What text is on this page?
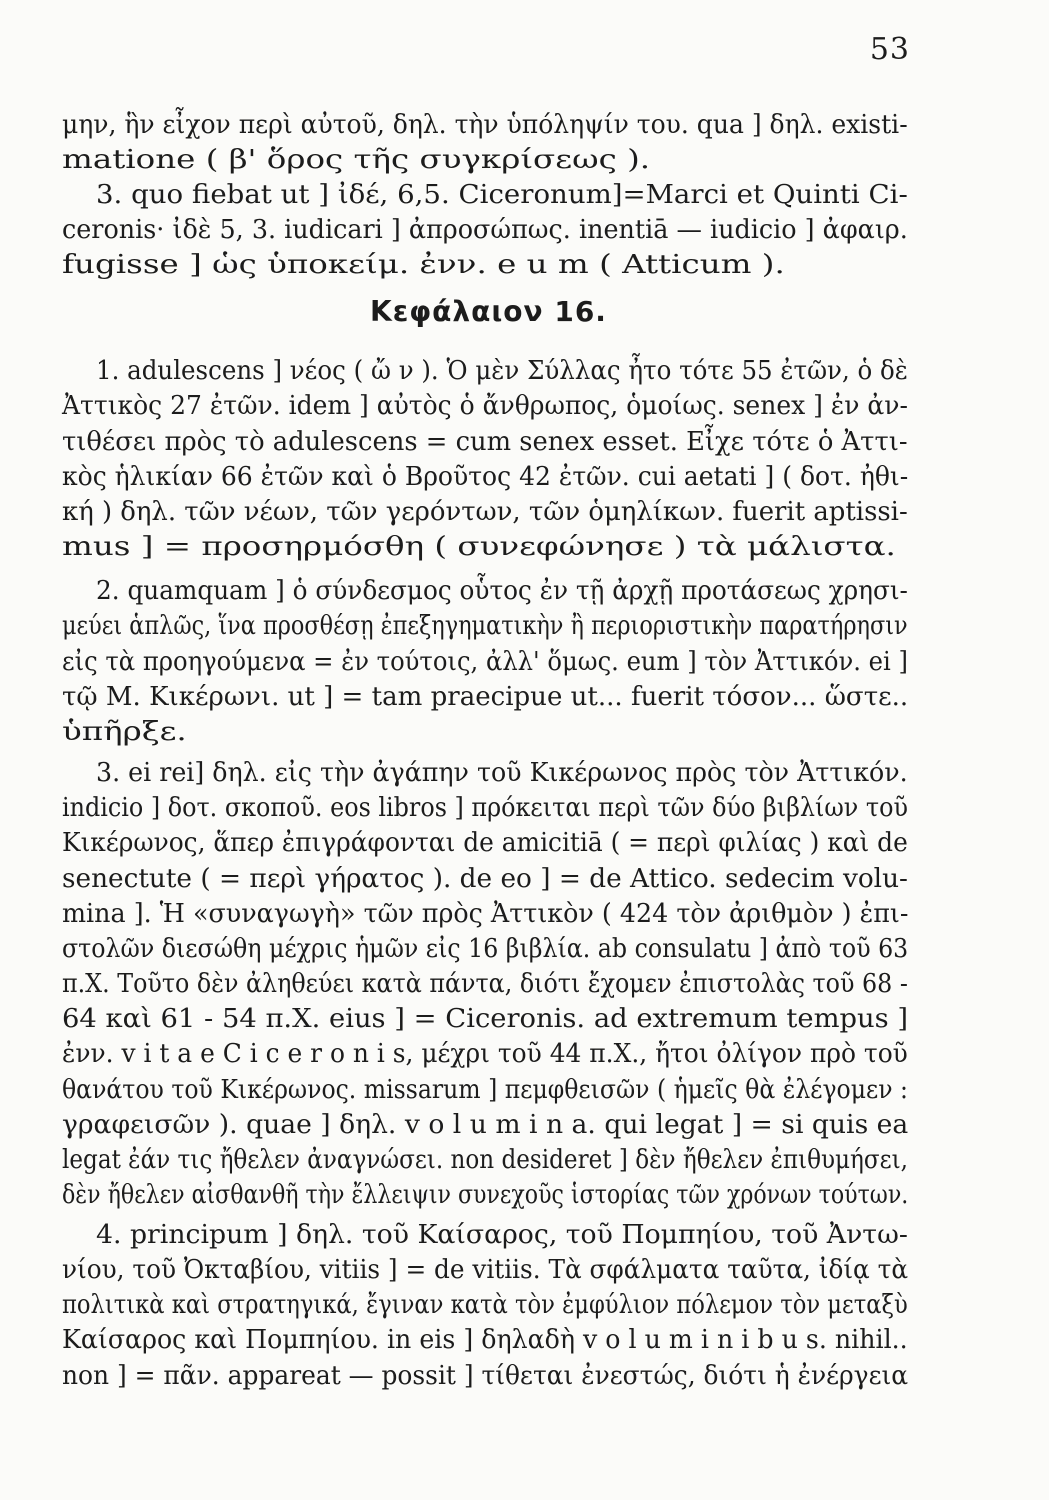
53
μην, ἣν εἶχον περὶ αὐτοῦ, δηλ. τὴν ὑπόληψίν του. qua ] δηλ. existi-
matione ( β' ὅρος τῆς συγκρίσεως ).
3. quo fiebat ut ] ἰδέ, 6,5. Ciceronum]=Marci et Quinti Ci-
ceronis· ἰδὲ 5, 3. iudicari ] ἀπροσώπως. inentiā — iudicio ] ἀφαιρ.
fugisse ] ὡς ὑποκείμ. ἐνν. e u m ( Atticum ).
Κεφάλαιον 16.
1. adulescens ] νέος ( ὤ ν ). Ὁ μὲν Σύλλας ἦτο τότε 55 ἐτῶν, ὁ δὲ
Ἀττικὸς 27 ἐτῶν. idem ] αὐτὸς ὁ ἄνθρωπος, ὁμοίως. senex ] ἐν ἀν-
τιθέσει πρὸς τὸ adulescens = cum senex esset. Εἶχε τότε ὁ Ἀττι-
κὸς ἡλικίαν 66 ἐτῶν καὶ ὁ Βροῦτος 42 ἐτῶν. cui aetati ] ( δοτ. ἠθι-
κή ) δηλ. τῶν νέων, τῶν γερόντων, τῶν ὁμηλίκων. fuerit aptissi-
mus ] = προσηρμόσθη ( συνεφώνησε ) τὰ μάλιστα.
2. quamquam ] ὁ σύνδεσμος οὗτος ἐν τῇ ἀρχῇ προτάσεως χρησι-
μεύει ἁπλῶς, ἵνα προσθέσῃ ἐπεξηγηματικὴν ἢ περιοριστικὴν παρατήρησιν
εἰς τὰ προηγούμενα = ἐν τούτοις, ἀλλ' ὅμως. eum ] τὸν Ἀττικόν. ei ]
τῷ Μ. Κικέρωνι. ut ] = tam praecipue ut... fuerit τόσον... ὥστε..
ὑπῆρξε.
3. ei rei] δηλ. εἰς τὴν ἀγάπην τοῦ Κικέρωνος πρὸς τὸν Ἀττικόν.
indicio ] δοτ. σκοποῦ. eos libros ] πρόκειται περὶ τῶν δύο βιβλίων τοῦ
Κικέρωνος, ἅπερ ἐπιγράφονται de amicitiā ( = περὶ φιλίας ) καὶ de
senectute ( = περὶ γήρατος ). de eo ] = de Attico. sedecim volu-
mina ]. Ἡ «συναγωγὴ» τῶν πρὸς Ἀττικὸν ( 424 τὸν ἀριθμὸν ) ἐπι-
στολῶν διεσώθη μέχρις ἡμῶν εἰς 16 βιβλία. ab consulatu ] ἀπὸ τοῦ 63
π.Χ. Τοῦτο δὲν ἀληθεύει κατὰ πάντα, διότι ἔχομεν ἐπιστολὰς τοῦ 68 -
64 καὶ 61 - 54 π.Χ. eius ] = Ciceronis. ad extremum tempus ]
ἐνν. v i t a e C i c e r o n i s, μέχρι τοῦ 44 π.Χ., ἤτοι ὀλίγον πρὸ τοῦ
θανάτου τοῦ Κικέρωνος. missarum ] πεμφθεισῶν ( ἡμεῖς θὰ ἐλέγομεν :
γραφεισῶν ). quae ] δηλ. v o l u m i n a. qui legat ] = si quis ea
legat ἐάν τις ἤθελεν ἀναγνώσει. non desideret ] δὲν ἤθελεν ἐπιθυμήσει,
δὲν ἤθελεν αἰσθανθῆ τὴν ἔλλειψιν συνεχοῦς ἱστορίας τῶν χρόνων τούτων.
4. principum ] δηλ. τοῦ Καίσαρος, τοῦ Πομπηίου, τοῦ Ἀντω-
νίου, τοῦ Ὀκταβίου, vitiis ] = de vitiis. Τὰ σφάλματα ταῦτα, ἰδίᾳ τὰ
πολιτικὰ καὶ στρατηγικά, ἔγιναν κατὰ τὸν ἐμφύλιον πόλεμον τὸν μεταξὺ
Καίσαρος καὶ Πομπηίου. in eis ] δηλαδὴ v o l u m i n i b u s. nihil..
non ] = πᾶν. appareat — possit ] τίθεται ἐνεστώς, διότι ἡ ἐνέργεια
